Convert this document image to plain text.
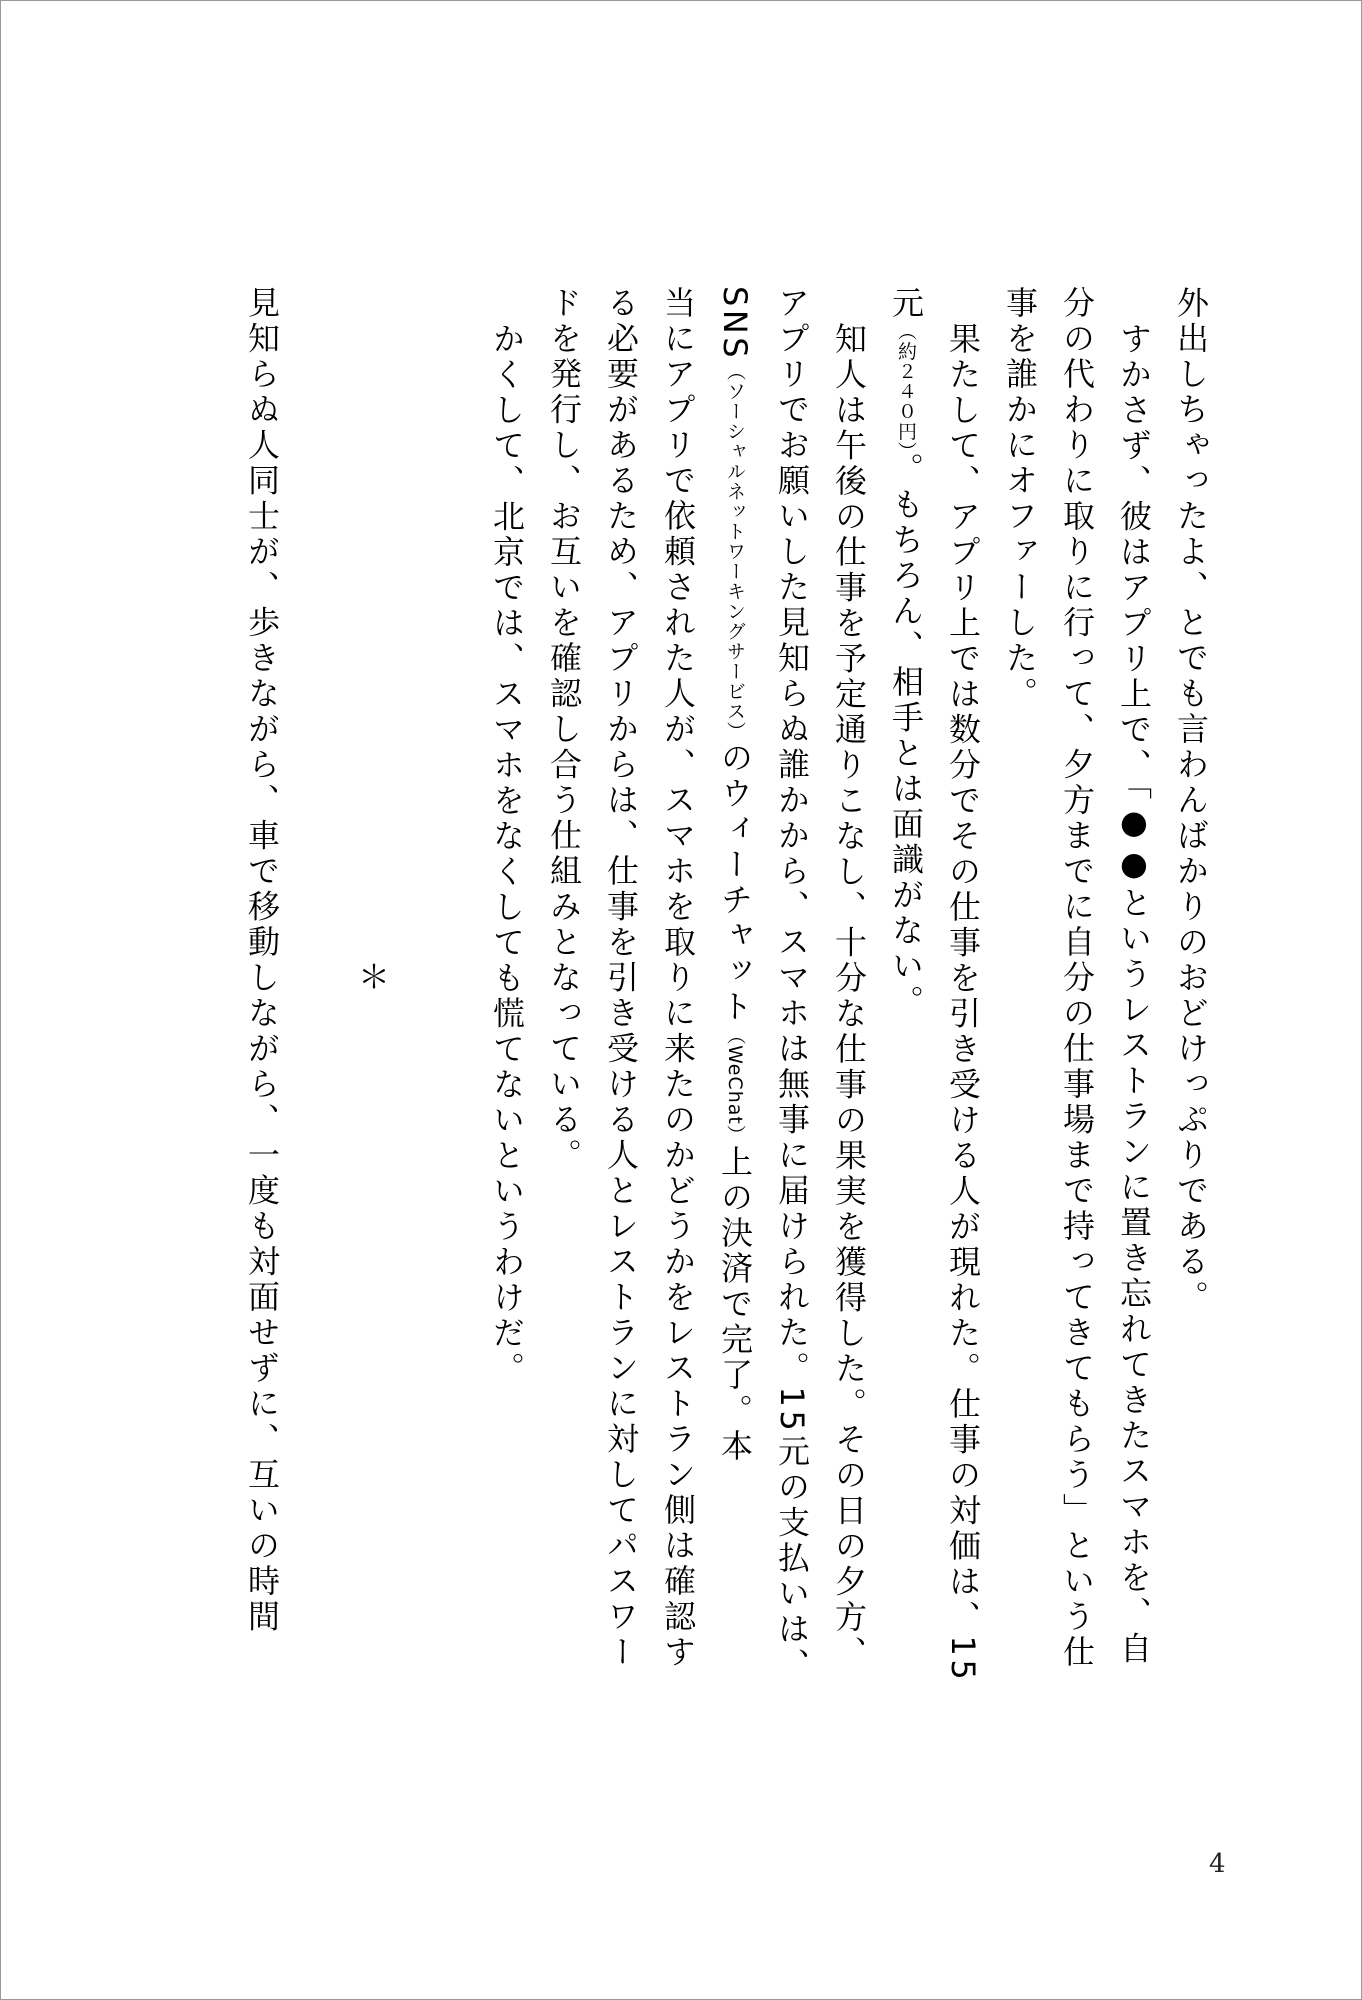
外出しちゃったよ、とでも言わんばかりのおどけっぷりである。
すかさず、彼はアプリ上で、「●●というレストランに置き忘れてきたスマホを、自
分の代わりに取りに行って、夕方までに自分の仕事場まで持ってきてもらう」という仕
事を誰かにオファーした。
果たして、アプリ上では数分でその仕事を引き受ける人が現れた。仕事の対価は、15
元（約２４０円）。もちろん、相手とは面識がない。
知人は午後の仕事を予定通りこなし、十分な仕事の果実を獲得した。その日の夕方、
アプリでお願いした見知らぬ誰かから、スマホは無事に届けられた。15元の支払いは、
SNS（ソーシャルネットワーキングサービス）のウィーチャット（WeChat）上の決済で完了。本
当にアプリで依頼された人が、スマホを取りに来たのかどうかをレストラン側は確認す
る必要があるため、アプリからは、仕事を引き受ける人とレストランに対してパスワー
ドを発行し、お互いを確認し合う仕組みとなっている。
かくして、北京では、スマホをなくしても慌てないというわけだ。
＊
見知らぬ人同士が、歩きながら、車で移動しながら、一度も対面せずに、互いの時間
4
